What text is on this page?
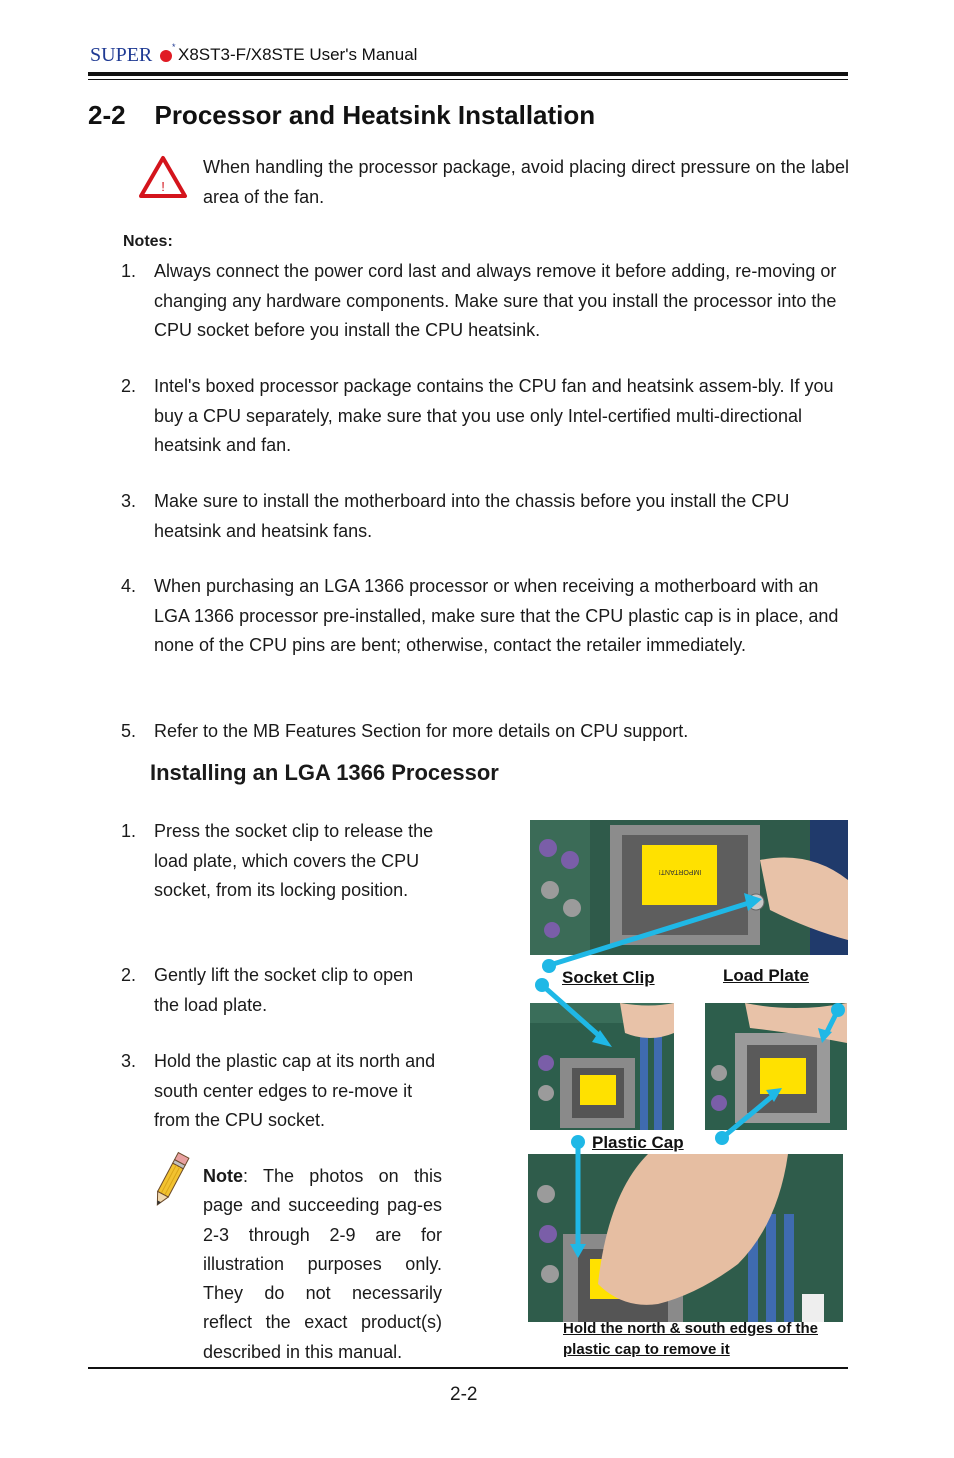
SUPER * X8ST3-F/X8STE User's Manual
2-2    Processor and Heatsink Installation
!
When handling the processor package, avoid placing direct pressure on the label area of the fan.
Notes:
1. Always connect the power cord last and always remove it before adding, re-moving or changing any hardware components. Make sure that you install the processor into the CPU socket before you install the CPU heatsink.
2. Intel's boxed processor package contains the CPU fan and heatsink assem-bly. If you buy a CPU separately, make sure that you use only Intel-certified multi-directional heatsink and fan.
3. Make sure to install the motherboard into the chassis before you install the CPU heatsink and heatsink fans.
4. When purchasing an LGA 1366 processor or when receiving a motherboard with an LGA 1366 processor pre-installed, make sure that the CPU plastic cap is in place, and none of the CPU pins are bent; otherwise, contact the retailer immediately.
5. Refer to the MB Features Section for more details on CPU support.
Installing an LGA 1366 Processor
1. Press the socket clip to release the load plate, which covers the CPU socket, from its locking position.
2. Gently lift the socket clip to open the load plate.
3. Hold the plastic cap at its north and south center edges to re-move it from the CPU socket.
Note: The photos on this page and succeeding pag-es 2-3 through 2-9 are for illustration purposes only. They do not necessarily reflect the exact product(s) described in this manual.
IMPORTANT!
Socket Clip	Load Plate
Plastic Cap
Hold the north & south edges of the plastic cap to remove it
2-2
